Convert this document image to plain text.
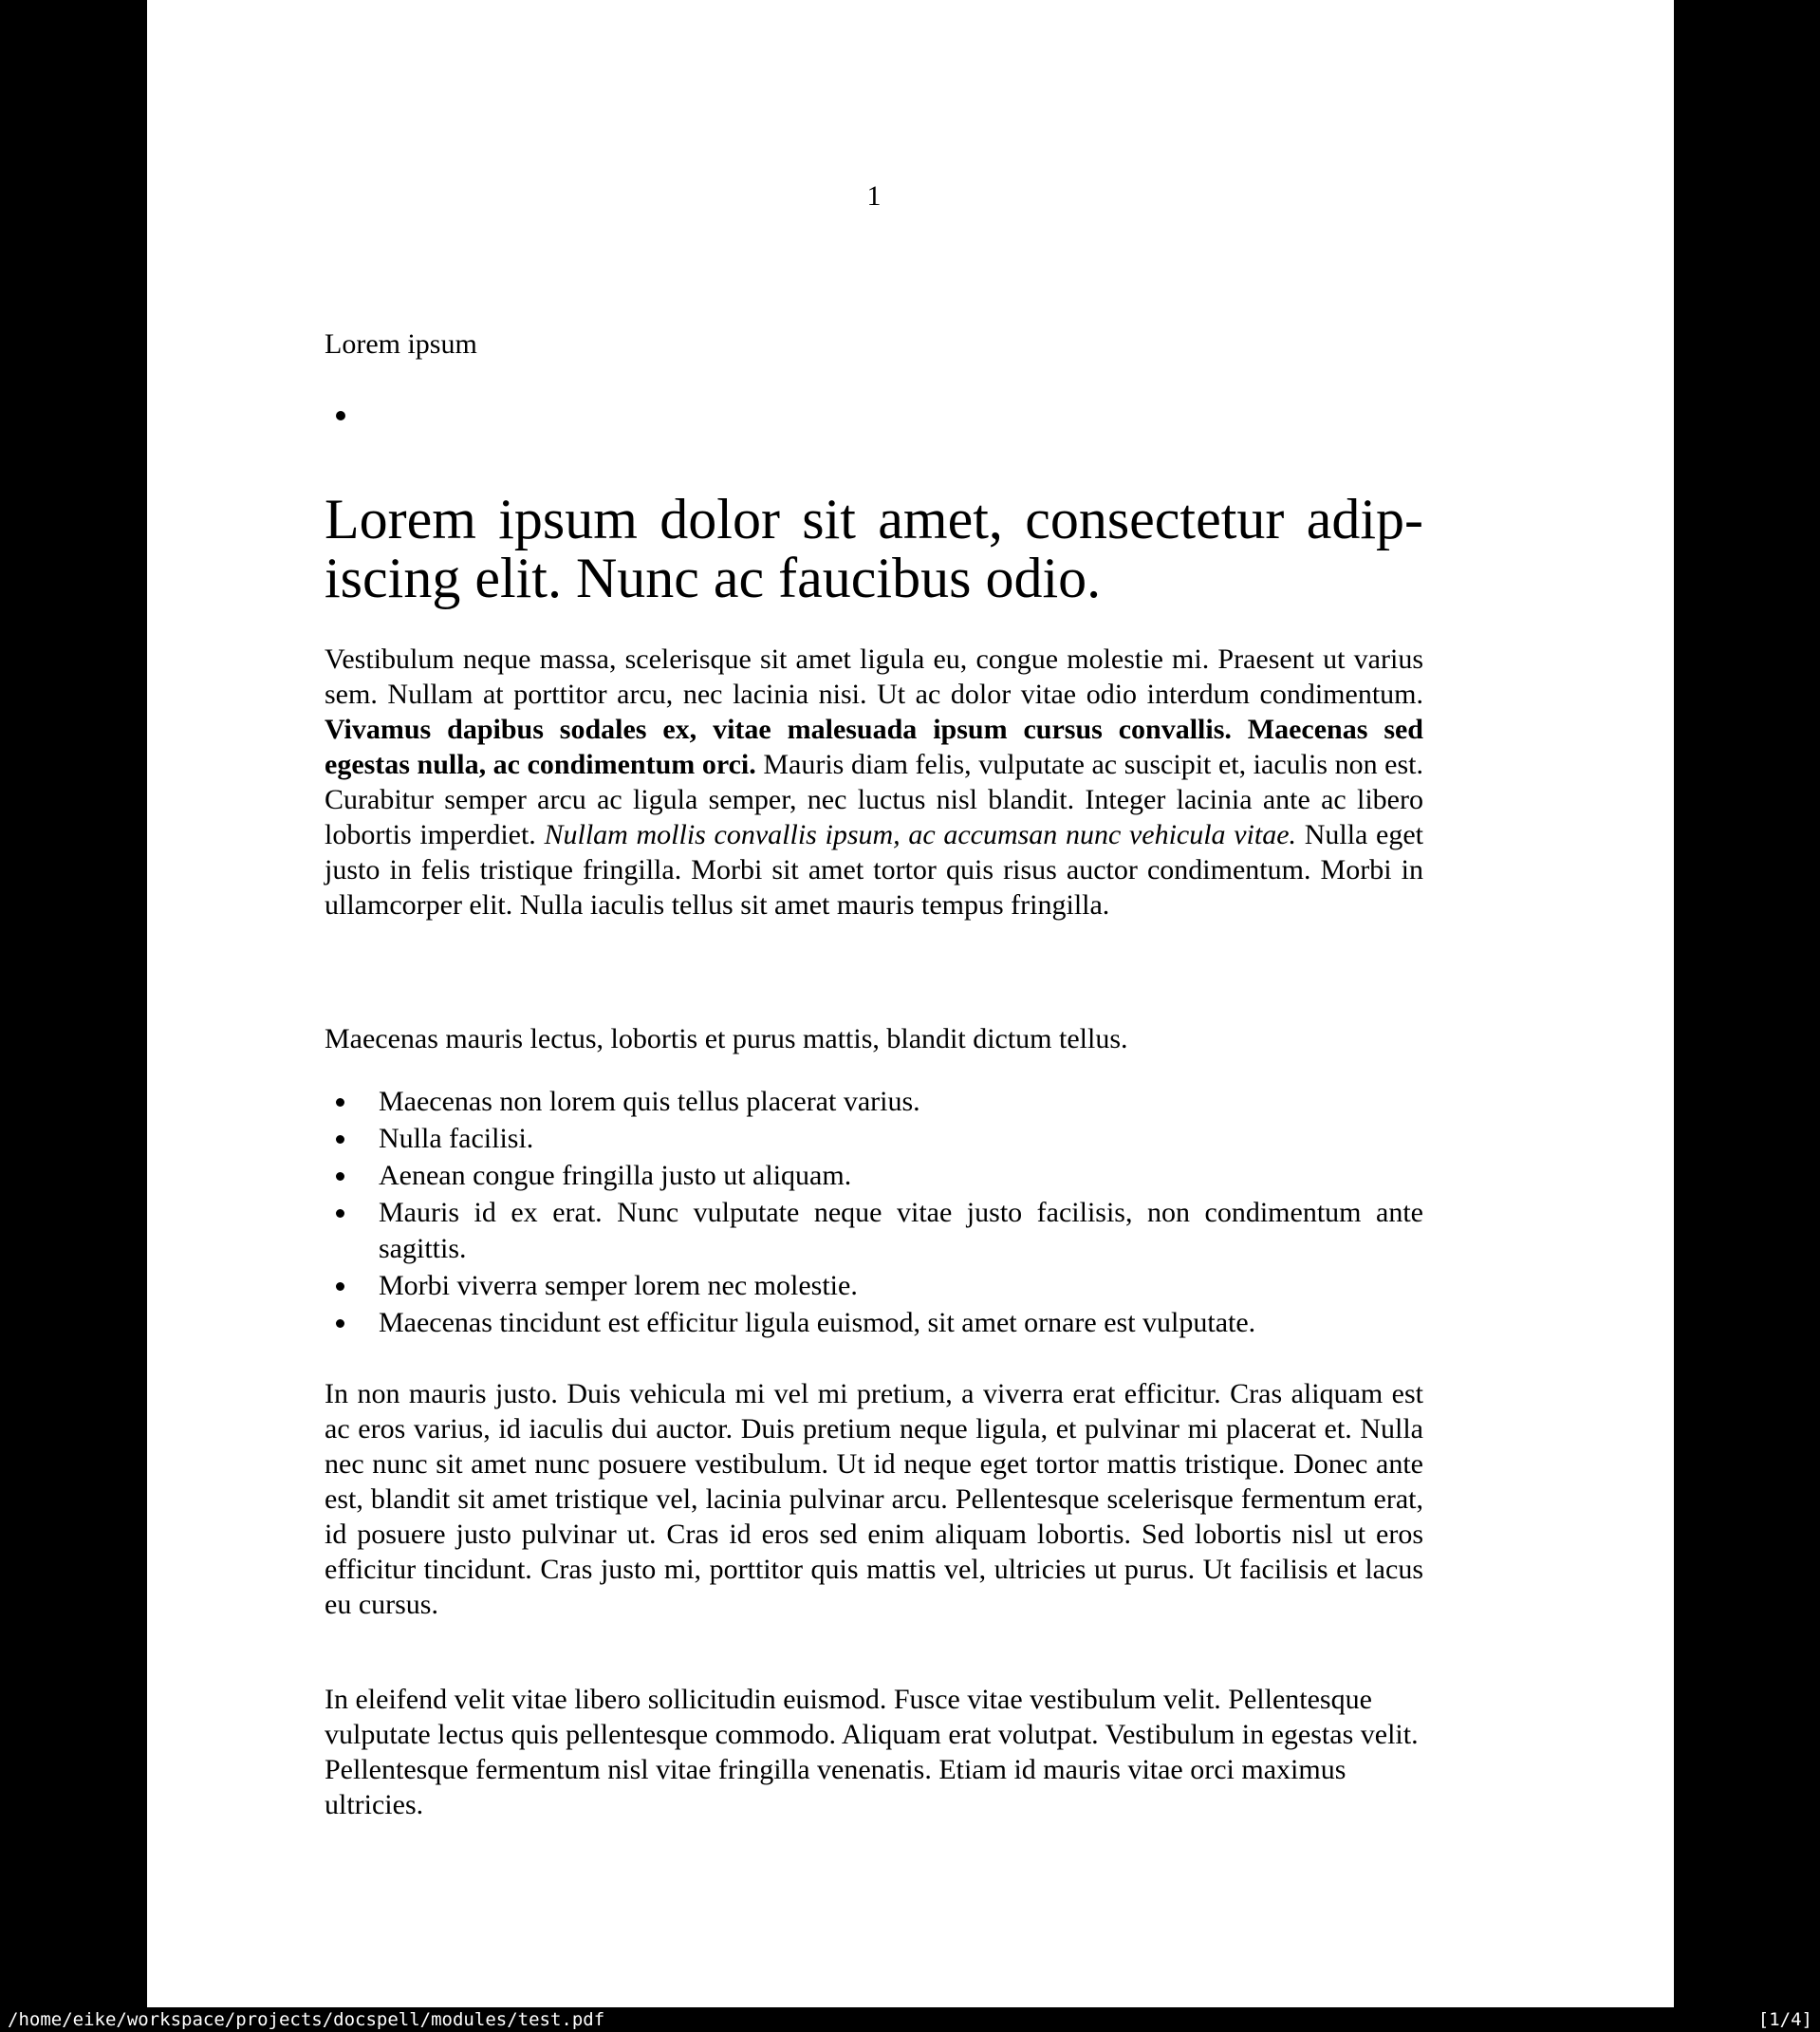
1
Lorem ipsum
Lorem ipsum dolor sit amet, consectetur adip-
iscing elit. Nunc ac faucibus odio.

Vestibulum neque massa, scelerisque sit amet ligula eu, congue molestie mi. Praesent ut varius sem. Nullam at porttitor arcu, nec lacinia nisi. Ut ac dolor vitae odio interdum condimentum. Vivamus dapibus sodales ex, vitae malesuada ipsum cursus convallis. Maecenas sed egestas nulla, ac condimentum orci. Mauris diam felis, vulputate ac suscipit et, iaculis non est. Curabitur semper arcu ac ligula semper, nec luctus nisl blandit. Integer lacinia ante ac libero lobortis imperdiet. Nullam mollis convallis ipsum, ac accumsan nunc vehicula vitae. Nulla eget justo in felis tristique fringilla. Morbi sit amet tortor quis risus auctor condimentum. Morbi in ullamcorper elit. Nulla iaculis tellus sit amet mauris tempus fringilla.

Maecenas mauris lectus, lobortis et purus mattis, blandit dictum tellus.

Maecenas non lorem quis tellus placerat varius.
Nulla facilisi.
Aenean congue fringilla justo ut aliquam.
Mauris id ex erat. Nunc vulputate neque vitae justo facilisis, non condimentum ante sagittis.
Morbi viverra semper lorem nec molestie.
Maecenas tincidunt est efficitur ligula euismod, sit amet ornare est vulputate.

In non mauris justo. Duis vehicula mi vel mi pretium, a viverra erat efficitur. Cras aliquam est ac eros varius, id iaculis dui auctor. Duis pretium neque ligula, et pulvinar mi placerat et. Nulla nec nunc sit amet nunc posuere vestibulum. Ut id neque eget tortor mattis tristique. Donec ante est, blandit sit amet tristique vel, lacinia pulvinar arcu. Pellentesque scelerisque fermentum erat, id posuere justo pulvinar ut. Cras id eros sed enim aliquam lobortis. Sed lobortis nisl ut eros efficitur tincidunt. Cras justo mi, porttitor quis mattis vel, ultricies ut purus. Ut facilisis et lacus eu cursus.

In eleifend velit vitae libero sollicitudin euismod. Fusce vitae vestibulum velit. Pellentesque vulputate lectus quis pellentesque commodo. Aliquam erat volutpat. Vestibulum in egestas velit. Pellentesque fermentum nisl vitae fringilla venenatis. Etiam id mauris vitae orci maximus ultricies.

/home/eike/workspace/projects/docspell/modules/test.pdf	[1/4]
